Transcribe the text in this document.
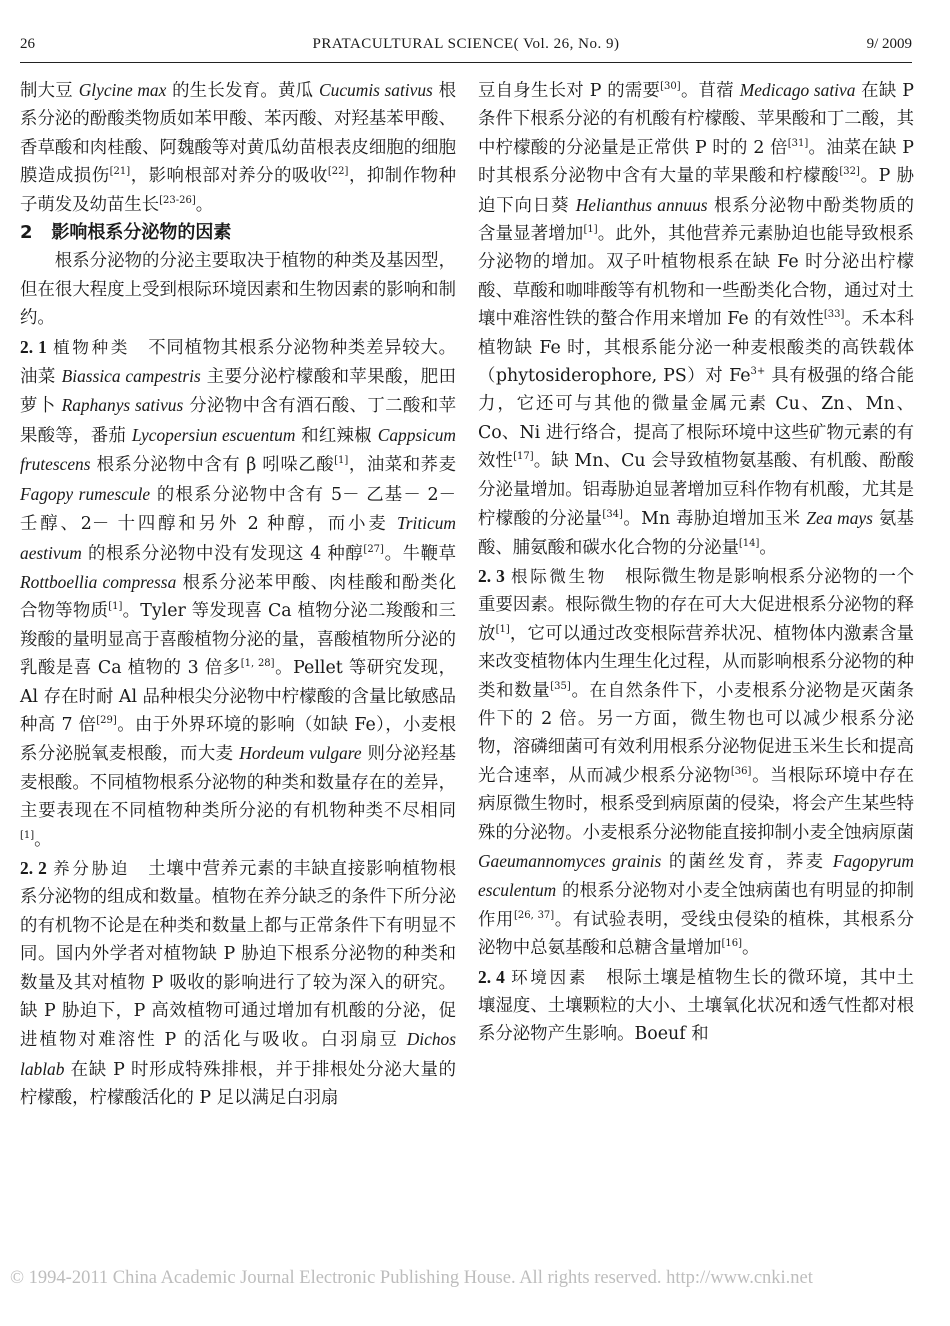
26	PRATACULTURAL SCIENCE( Vol. 26, No. 9)	9/ 2009

制大豆 Glycine max 的生长发育。黄瓜 Cucumis sativus 根系分泌的酚酸类物质如苯甲酸、苯丙酸、对羟基苯甲酸、香草酸和肉桂酸、阿魏酸等对黄瓜幼苗根表皮细胞的细胞膜造成损伤[21]，影响根部对养分的吸收[22]，抑制作物种子萌发及幼苗生长[23-26]。

2 影响根系分泌物的因素

根系分泌物的分泌主要取决于植物的种类及基因型，但在很大程度上受到根际环境因素和生物因素的影响和制约。

2. 1 植物种类 不同植物其根系分泌物种类差异较大。油菜 Biassica campestris 主要分泌柠檬酸和苹果酸，肥田萝卜 Raphanys sativus 分泌物中含有酒石酸、丁二酸和苹果酸等，番茄 Lycopersiun escuentum 和红辣椒 Cappsicum frutescens 根系分泌物中含有 β 吲哚乙酸[1]，油菜和荞麦 Fagopy rumescule 的根系分泌物中含有 5－ 乙基－ 2－ 壬醇、2－ 十四醇和另外 2 种醇，而小麦 Triticum aestivum 的根系分泌物中没有发现这 4 种醇[27]。牛鞭草 Rottboellia compressa 根系分泌苯甲酸、肉桂酸和酚类化合物等物质[1]。Tyler 等发现喜 Ca 植物分泌二羧酸和三羧酸的量明显高于喜酸植物分泌的量，喜酸植物所分泌的乳酸是喜 Ca 植物的 3 倍多[1, 28]。Pellet 等研究发现，Al 存在时耐 Al 品种根尖分泌物中柠檬酸的含量比敏感品种高 7 倍[29]。由于外界环境的影响（如缺 Fe），小麦根系分泌脱氧麦根酸，而大麦 Hordeum vulgare 则分泌羟基麦根酸。不同植物根系分泌物的种类和数量存在的差异，主要表现在不同植物种类所分泌的有机物种类不尽相同[1]。

2. 2 养分胁迫 土壤中营养元素的丰缺直接影响植物根系分泌物的组成和数量。植物在养分缺乏的条件下所分泌的有机物不论是在种类和数量上都与正常条件下有明显不同。国内外学者对植物缺 P 胁迫下根系分泌物的种类和数量及其对植物 P 吸收的影响进行了较为深入的研究。缺 P 胁迫下，P 高效植物可通过增加有机酸的分泌，促进植物对难溶性 P 的活化与吸收。白羽扇豆 Dichos lablab 在缺 P 时形成特殊排根，并于排根处分泌大量的柠檬酸，柠檬酸活化的 P 足以满足白羽扇

豆自身生长对 P 的需要[30]。苜蓿 Medicago sativa 在缺 P 条件下根系分泌的有机酸有柠檬酸、苹果酸和丁二酸，其中柠檬酸的分泌量是正常供 P 时的 2 倍[31]。油菜在缺 P 时其根系分泌物中含有大量的苹果酸和柠檬酸[32]。P 胁迫下向日葵 Helianthus annuus 根系分泌物中酚类物质的含量显著增加[1]。此外，其他营养元素胁迫也能导致根系分泌物的增加。双子叶植物根系在缺 Fe 时分泌出柠檬酸、草酸和咖啡酸等有机物和一些酚类化合物，通过对土壤中难溶性铁的螯合作用来增加 Fe 的有效性[33]。禾本科植物缺 Fe 时，其根系能分泌一种麦根酸类的高铁载体（phytosiderophore, PS）对 $Fe^{3+}$ 具有极强的络合能力，它还可与其他的微量金属元素 Cu、Zn、Mn、Co、Ni 进行络合，提高了根际环境中这些矿物元素的有效性[17]。缺 Mn、Cu 会导致植物氨基酸、有机酸、酚酸分泌量增加。铝毒胁迫显著增加豆科作物有机酸，尤其是柠檬酸的分泌量[34]。Mn 毒胁迫增加玉米 Zea mays 氨基酸、脯氨酸和碳水化合物的分泌量[14]。

2. 3 根际微生物 根际微生物是影响根系分泌物的一个重要因素。根际微生物的存在可大大促进根系分泌物的释放[1]，它可以通过改变根际营养状况、植物体内激素含量来改变植物体内生理生化过程，从而影响根系分泌物的种类和数量[35]。在自然条件下，小麦根系分泌物是灭菌条件下的 2 倍。另一方面，微生物也可以减少根系分泌物，溶磷细菌可有效利用根系分泌物促进玉米生长和提高光合速率，从而减少根系分泌物[36]。当根际环境中存在病原微生物时，根系受到病原菌的侵染，将会产生某些特殊的分泌物。小麦根系分泌物能直接抑制小麦全蚀病原菌 Gaeumannomyces grainis 的菌丝发育，荞麦 Fagopyrum esculentum 的根系分泌物对小麦全蚀病菌也有明显的抑制作用[26, 37]。有试验表明，受线虫侵染的植株，其根系分泌物中总氨基酸和总糖含量增加[16]。

2. 4 环境因素 根际土壤是植物生长的微环境，其中土壤湿度、土壤颗粒的大小、土壤氧化状况和透气性都对根系分泌物产生影响。Boeuf 和

© 1994-2011 China Academic Journal Electronic Publishing House. All rights reserved. http://www.cnki.net
